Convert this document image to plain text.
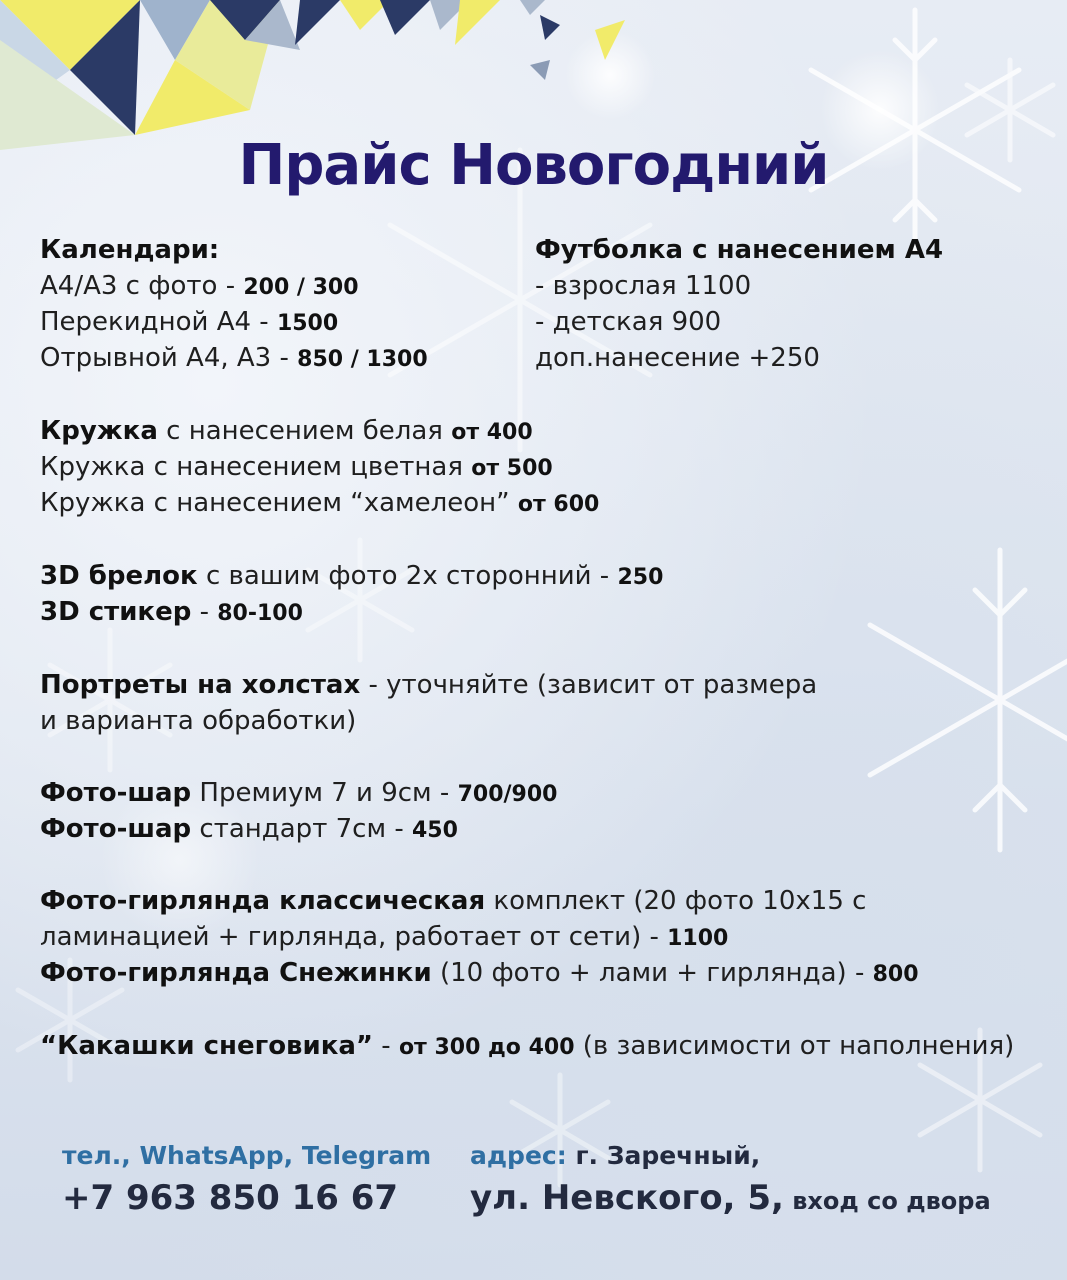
Прайс Новогодний
Календари:
А4/А3 с фото - 200 / 300
Перекидной А4 - 1500
Отрывной А4, А3 - 850 / 1300
Футболка с нанесением А4
- взрослая 1100
- детская 900
доп.нанесение +250
Кружка с нанесением белая от 400
Кружка с нанесением цветная от 500
Кружка с нанесением “хамелеон” от 600
3D брелок с вашим фото 2х сторонний - 250
3D стикер - 80-100
Портреты на холстах - уточняйте (зависит от размера
и варианта обработки)
Фото-шар Премиум 7 и 9см - 700/900
Фото-шар стандарт 7см - 450
Фото-гирлянда классическая комплект (20 фото 10х15 с
ламинацией + гирлянда, работает от сети) - 1100
Фото-гирлянда Снежинки (10 фото + лами + гирлянда) - 800
“Какашки снеговика” - от 300 до 400 (в зависимости от наполнения)
тел., WhatsApp, Telegram
+7 963 850 16 67
адрес: г. Заречный,
ул. Невского, 5, вход со двора
